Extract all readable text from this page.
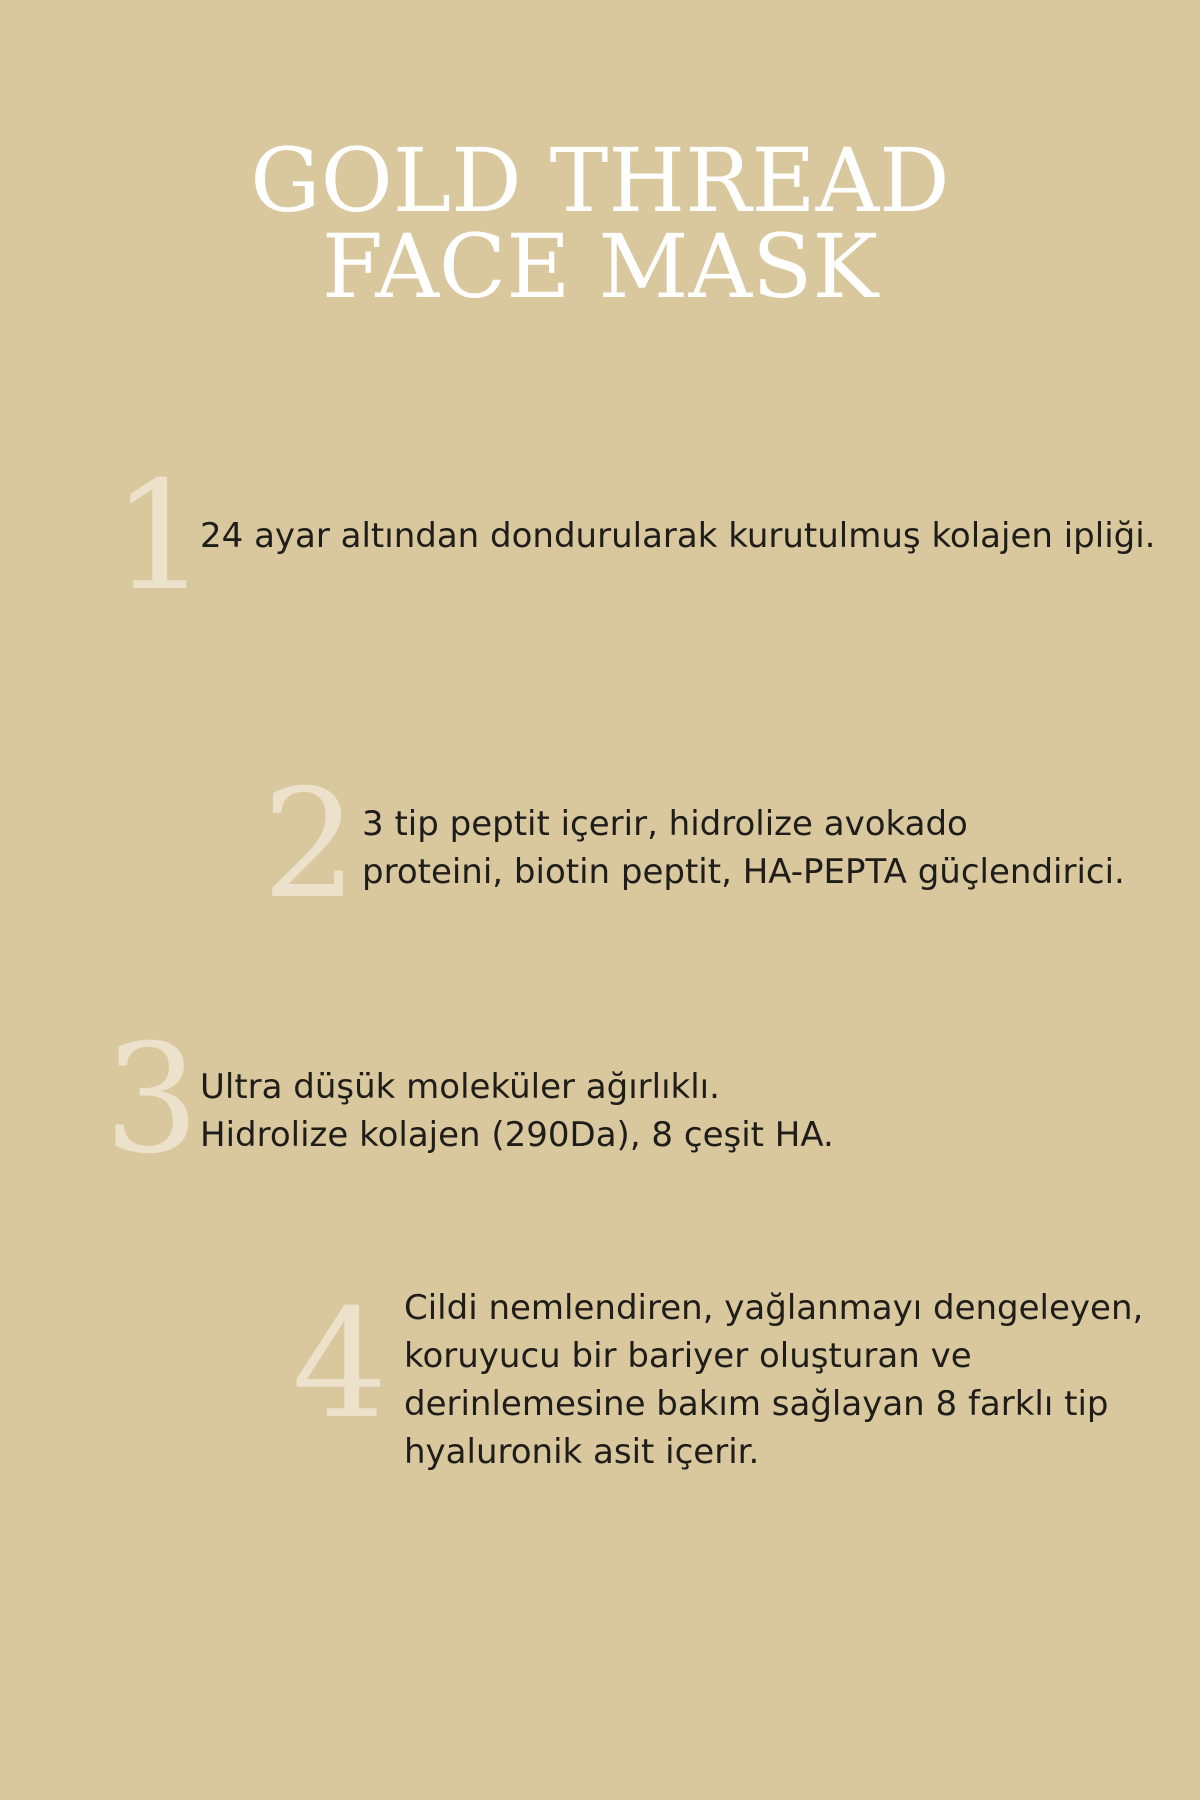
GOLD THREAD
FACE MASK
1
24 ayar altından dondurularak kurutulmuş kolajen ipliği.
2 3 tip peptit içerir, hidrolize avokado
proteini, biotin peptit, HA-PEPTA güçlendirici.
3 Ultra düşük moleküler ağırlıklı.
Hidrolize kolajen (290Da), 8 çeşit HA.
4 Cildi nemlendiren, yağlanmayı dengeleyen,
koruyucu bir bariyer oluşturan ve
derinlemesine bakım sağlayan 8 farklı tip
hyaluronik asit içerir.
